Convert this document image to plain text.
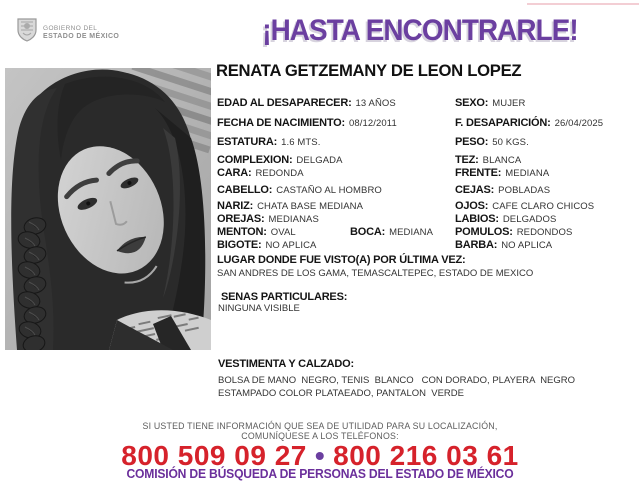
GOBIERNO DEL
ESTADO DE MÉXICO	¡HASTA ENCONTRARLE!
RENATA GETZEMANY DE LEON LOPEZ
EDAD AL DESAPARECER: 13 AÑOS
FECHA DE NACIMIENTO: 08/12/2011
ESTATURA: 1.6 MTS.
COMPLEXION: DELGADA
CARA: REDONDA
CABELLO: CASTAÑO AL HOMBRO
NARIZ: CHATA BASE MEDIANA
OREJAS: MEDIANAS
MENTON: OVAL
BIGOTE: NO APLICA
BOCA: MEDIANA
SEXO: MUJER
F. DESAPARICIÓN: 26/04/2025
PESO: 50 KGS.
TEZ: BLANCA
FRENTE: MEDIANA
CEJAS: POBLADAS
OJOS: CAFE CLARO CHICOS
LABIOS: DELGADOS
POMULOS: REDONDOS
BARBA: NO APLICA
LUGAR DONDE FUE VISTO(A) POR ÚLTIMA VEZ:
SAN ANDRES DE LOS GAMA, TEMASCALTEPEC, ESTADO DE MEXICO
SENAS PARTICULARES:
NINGUNA VISIBLE
VESTIMENTA Y CALZADO:
BOLSA DE MANO  NEGRO, TENIS  BLANCO   CON DORADO, PLAYERA  NEGRO
ESTAMPADO COLOR PLATAEADO, PANTALON  VERDE
SI USTED TIENE INFORMACIÓN QUE SEA DE UTILIDAD PARA SU LOCALIZACIÓN,
COMUNÍQUESE A LOS TELÉFONOS:
800 509 09 27 • 800 216 03 61
COMISIÓN DE BÚSQUEDA DE PERSONAS DEL ESTADO DE MÉXICO
